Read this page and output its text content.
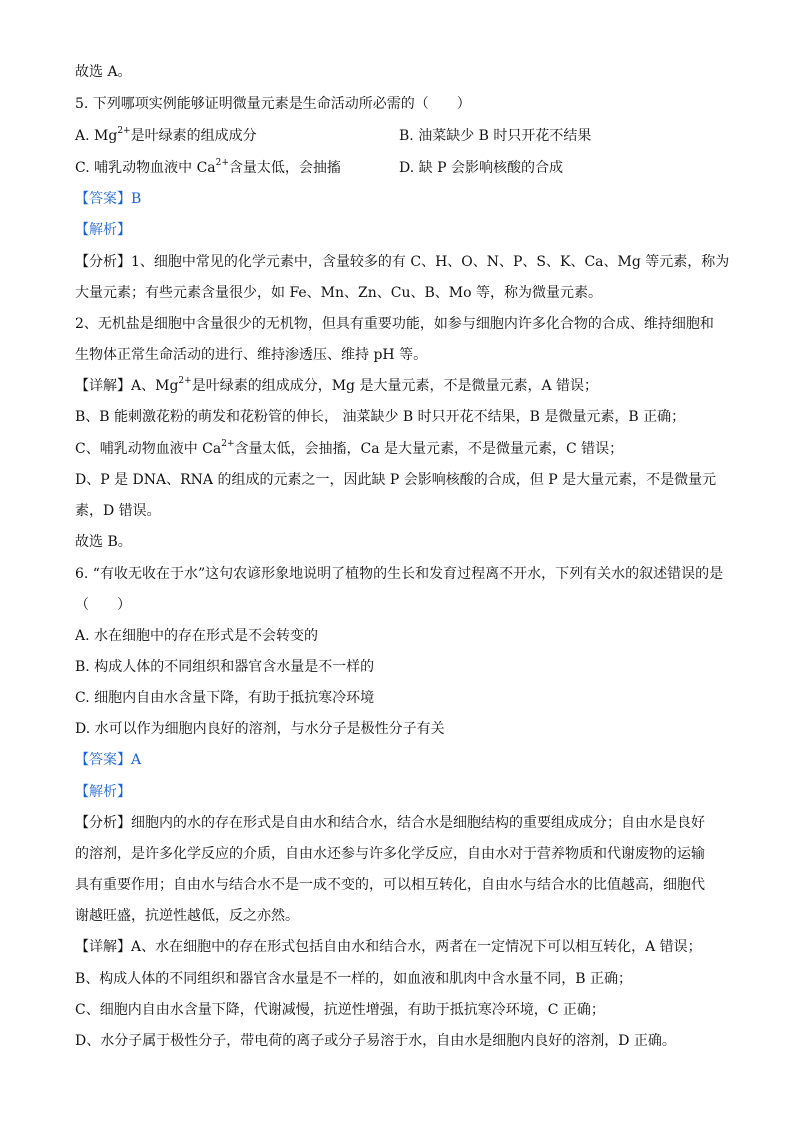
故选 A。
5. 下列哪项实例能够证明微量元素是生命活动所必需的（　　）
A. $Mg^{2+}$是叶绿素的组成成分	B. 油菜缺少 B 时只开花不结果
C. 哺乳动物血液中 $Ca^{2+}$含量太低，会抽搐	D. 缺 P 会影响核酸的合成
【答案】B
【解析】
【分析】1、细胞中常见的化学元素中，含量较多的有 C、H、O、N、P、S、K、Ca、Mg 等元素，称为
大量元素；有些元素含量很少，如 Fe、Mn、Zn、Cu、B、Mo 等，称为微量元素。
2、无机盐是细胞中含量很少的无机物，但具有重要功能，如参与细胞内许多化合物的合成、维持细胞和
生物体正常生命活动的进行、维持渗透压、维持 pH 等。
【详解】A、$Mg^{2+}$是叶绿素的组成成分，Mg 是大量元素，不是微量元素，A 错误；
B、B 能刺激花粉的萌发和花粉管的伸长， 油菜缺少 B 时只开花不结果，B 是微量元素，B 正确；
C、哺乳动物血液中 $Ca^{2+}$含量太低，会抽搐，Ca 是大量元素，不是微量元素，C 错误；
D、P 是 DNA、RNA 的组成的元素之一，因此缺 P 会影响核酸的合成，但 P 是大量元素，不是微量元
素，D 错误。
故选 B。
6. “有收无收在于水”这句农谚形象地说明了植物的生长和发育过程离不开水，下列有关水的叙述错误的是
（　　）
A. 水在细胞中的存在形式是不会转变的
B. 构成人体的不同组织和器官含水量是不一样的
C. 细胞内自由水含量下降，有助于抵抗寒冷环境
D. 水可以作为细胞内良好的溶剂，与水分子是极性分子有关
【答案】A
【解析】
【分析】细胞内的水的存在形式是自由水和结合水，结合水是细胞结构的重要组成成分；自由水是良好
的溶剂，是许多化学反应的介质，自由水还参与许多化学反应，自由水对于营养物质和代谢废物的运输
具有重要作用；自由水与结合水不是一成不变的，可以相互转化，自由水与结合水的比值越高，细胞代
谢越旺盛，抗逆性越低，反之亦然。
【详解】A、水在细胞中的存在形式包括自由水和结合水，两者在一定情况下可以相互转化，A 错误；
B、构成人体的不同组织和器官含水量是不一样的，如血液和肌肉中含水量不同，B 正确；
C、细胞内自由水含量下降，代谢减慢，抗逆性增强，有助于抵抗寒冷环境，C 正确；
D、水分子属于极性分子，带电荷的离子或分子易溶于水，自由水是细胞内良好的溶剂，D 正确。
